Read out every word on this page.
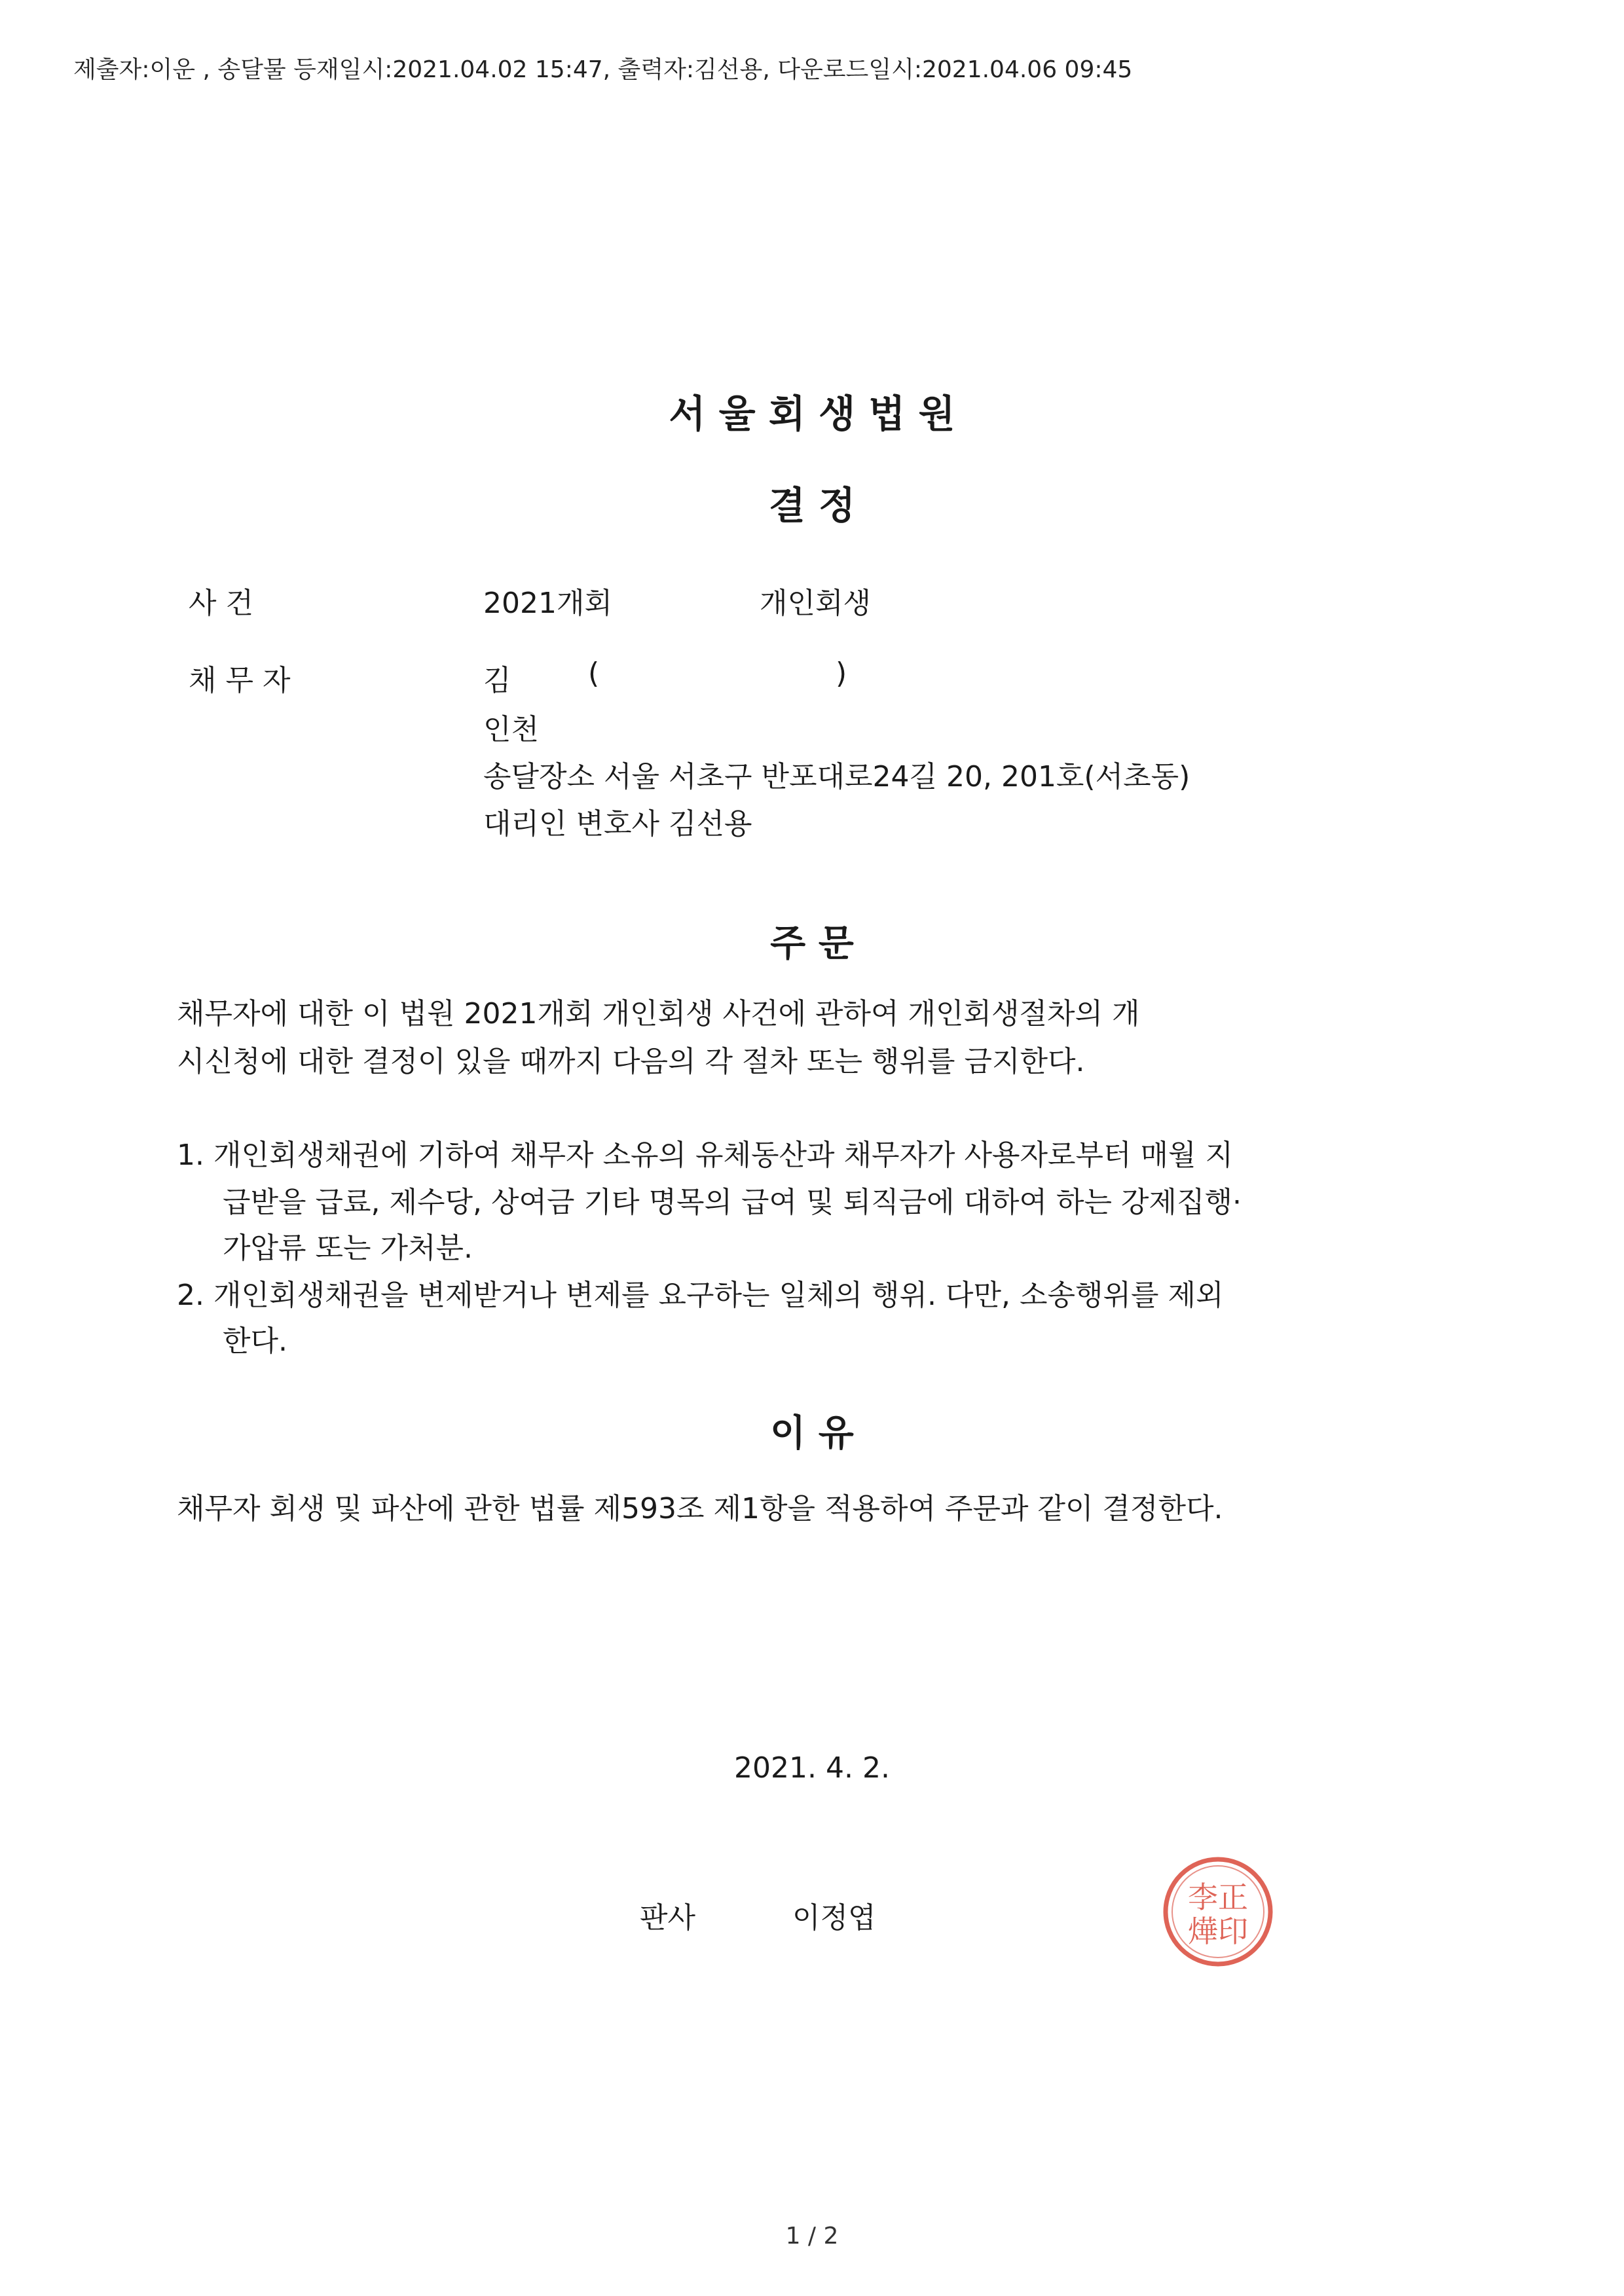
제출자:이운 , 송달물 등재일시:2021.04.02 15:47, 출력자:김선용, 다운로드일시:2021.04.06 09:45
서 울 회 생 법 원
결 정
사 건	2021개회	개인회생
채 무 자	김	(	)
인천
송달장소 서울 서초구 반포대로24길 20, 201호(서초동)
대리인 변호사 김선용
주 문
채무자에 대한 이 법원 2021개회 개인회생 사건에 관하여 개인회생절차의 개
시신청에 대한 결정이 있을 때까지 다음의 각 절차 또는 행위를 금지한다.
1. 개인회생채권에 기하여 채무자 소유의 유체동산과 채무자가 사용자로부터 매월 지
급받을 급료, 제수당, 상여금 기타 명목의 급여 및 퇴직금에 대하여 하는 강제집행·
가압류 또는 가처분.
2. 개인회생채권을 변제받거나 변제를 요구하는 일체의 행위. 다만, 소송행위를 제외
한다.
이 유
채무자 회생 및 파산에 관한 법률 제593조 제1항을 적용하여 주문과 같이 결정한다.
2021. 4. 2.
판사	이정엽
李正
燁印
1 / 2
